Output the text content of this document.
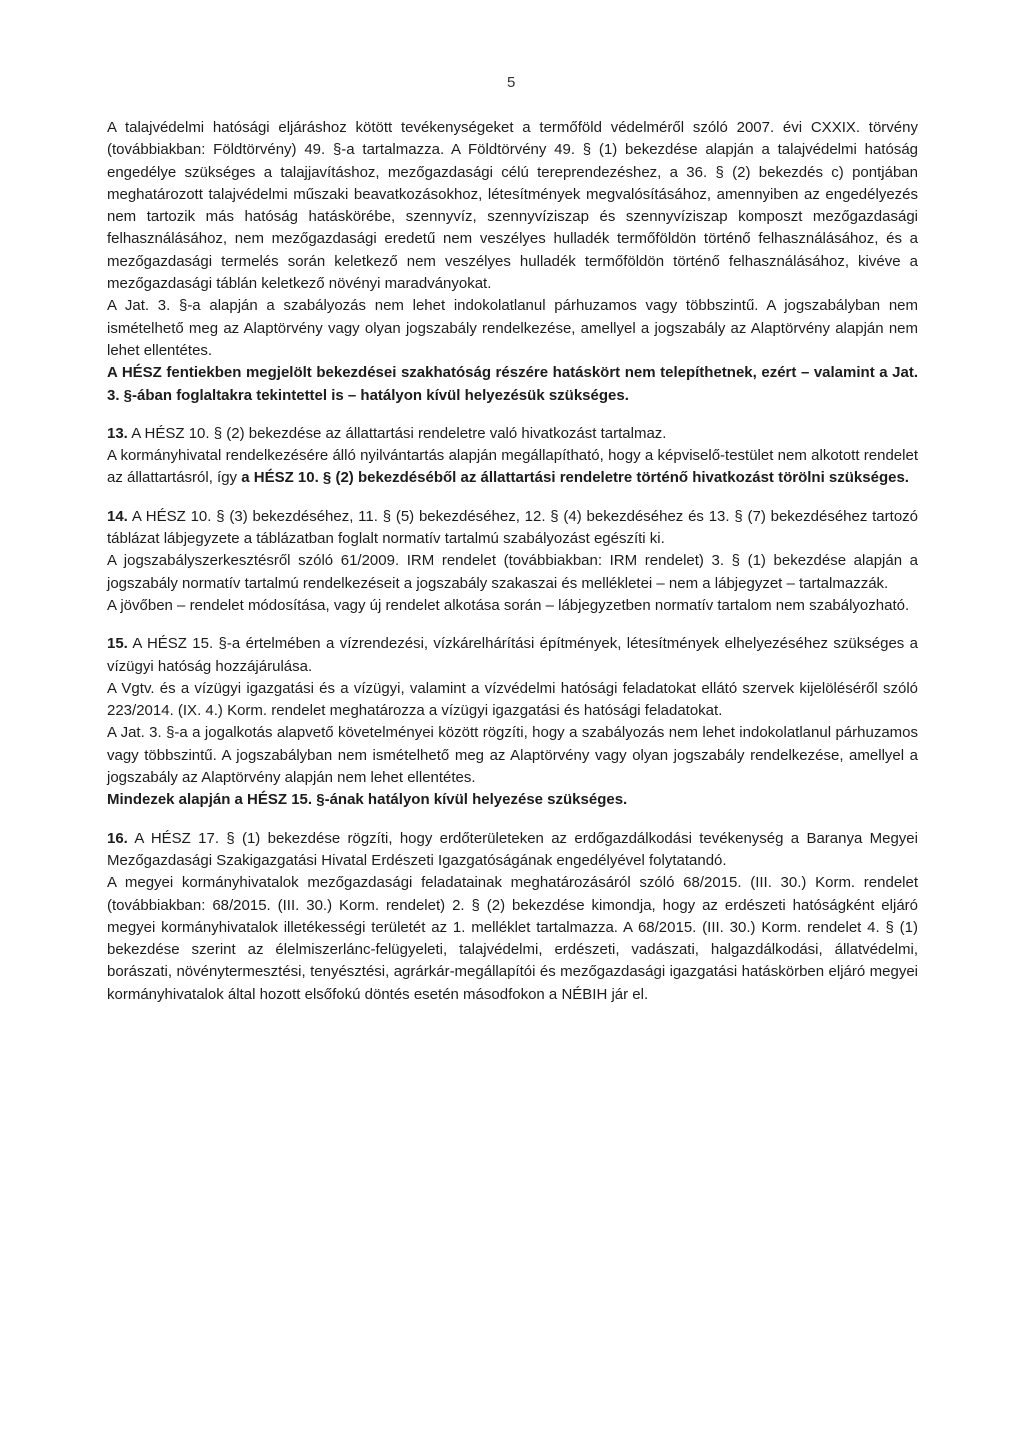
5

A talajvédelmi hatósági eljáráshoz kötött tevékenységeket a termőföld védelméről szóló 2007. évi CXXIX. törvény (továbbiakban: Földtörvény) 49. §-a tartalmazza. A Földtörvény 49. § (1) bekezdése alapján a talajvédelmi hatóság engedélye szükséges a talajjavításhoz, mezőgazdasági célú tereprendezéshez, a 36. § (2) bekezdés c) pontjában meghatározott talajvédelmi műszaki beavatkozásokhoz, létesítmények megvalósításához, amennyiben az engedélyezés nem tartozik más hatóság hatáskörébe, szennyvíz, szennyvíziszap és szennyvíziszap komposzt mezőgazdasági felhasználásához, nem mezőgazdasági eredetű nem veszélyes hulladék termőföldön történő felhasználásához, és a mezőgazdasági termelés során keletkező nem veszélyes hulladék termőföldön történő felhasználásához, kivéve a mezőgazdasági táblán keletkező növényi maradványokat.

A Jat. 3. §-a alapján a szabályozás nem lehet indokolatlanul párhuzamos vagy többszintű. A jogszabályban nem ismételhető meg az Alaptörvény vagy olyan jogszabály rendelkezése, amellyel a jogszabály az Alaptörvény alapján nem lehet ellentétes.

A HÉSZ fentiekben megjelölt bekezdései szakhatóság részére hatáskört nem telepíthetnek, ezért – valamint a Jat. 3. §-ában foglaltakra tekintettel is – hatályon kívül helyezésük szükséges.

13. A HÉSZ 10. § (2) bekezdése az állattartási rendeletre való hivatkozást tartalmaz.

A kormányhivatal rendelkezésére álló nyilvántartás alapján megállapítható, hogy a képviselő-testület nem alkotott rendelet az állattartásról, így a HÉSZ 10. § (2) bekezdéséből az állattartási rendeletre történő hivatkozást törölni szükséges.

14. A HÉSZ 10. § (3) bekezdéséhez, 11. § (5) bekezdéséhez, 12. § (4) bekezdéséhez és 13. § (7) bekezdéséhez tartozó táblázat lábjegyzete a táblázatban foglalt normatív tartalmú szabályozást egészíti ki.

A jogszabályszerkesztésről szóló 61/2009. IRM rendelet (továbbiakban: IRM rendelet) 3. § (1) bekezdése alapján a jogszabály normatív tartalmú rendelkezéseit a jogszabály szakaszai és mellékletei – nem a lábjegyzet – tartalmazzák.

A jövőben – rendelet módosítása, vagy új rendelet alkotása során – lábjegyzetben normatív tartalom nem szabályozható.

15. A HÉSZ 15. §-a értelmében a vízrendezési, vízkárelhárítási építmények, létesítmények elhelyezéséhez szükséges a vízügyi hatóság hozzájárulása.

A Vgtv. és a vízügyi igazgatási és a vízügyi, valamint a vízvédelmi hatósági feladatokat ellátó szervek kijelöléséről szóló 223/2014. (IX. 4.) Korm. rendelet meghatározza a vízügyi igazgatási és hatósági feladatokat.

A Jat. 3. §-a a jogalkotás alapvető követelményei között rögzíti, hogy a szabályozás nem lehet indokolatlanul párhuzamos vagy többszintű. A jogszabályban nem ismételhető meg az Alaptörvény vagy olyan jogszabály rendelkezése, amellyel a jogszabály az Alaptörvény alapján nem lehet ellentétes.

Mindezek alapján a HÉSZ 15. §-ának hatályon kívül helyezése szükséges.

16. A HÉSZ 17. § (1) bekezdése rögzíti, hogy erdőterületeken az erdőgazdálkodási tevékenység a Baranya Megyei Mezőgazdasági Szakigazgatási Hivatal Erdészeti Igazgatóságának engedélyével folytatandó.

A megyei kormányhivatalok mezőgazdasági feladatainak meghatározásáról szóló 68/2015. (III. 30.) Korm. rendelet (továbbiakban: 68/2015. (III. 30.) Korm. rendelet) 2. § (2) bekezdése kimondja, hogy az erdészeti hatóságként eljáró megyei kormányhivatalok illetékességi területét az 1. melléklet tartalmazza. A 68/2015. (III. 30.) Korm. rendelet 4. § (1) bekezdése szerint az élelmiszerlánc-felügyeleti, talajvédelmi, erdészeti, vadászati, halgazdálkodási, állatvédelmi, borászati, növénytermesztési, tenyésztési, agrárkár-megállapítói és mezőgazdasági igazgatási hatáskörben eljáró megyei kormányhivatalok által hozott elsőfokú döntés esetén másodfokon a NÉBIH jár el.
